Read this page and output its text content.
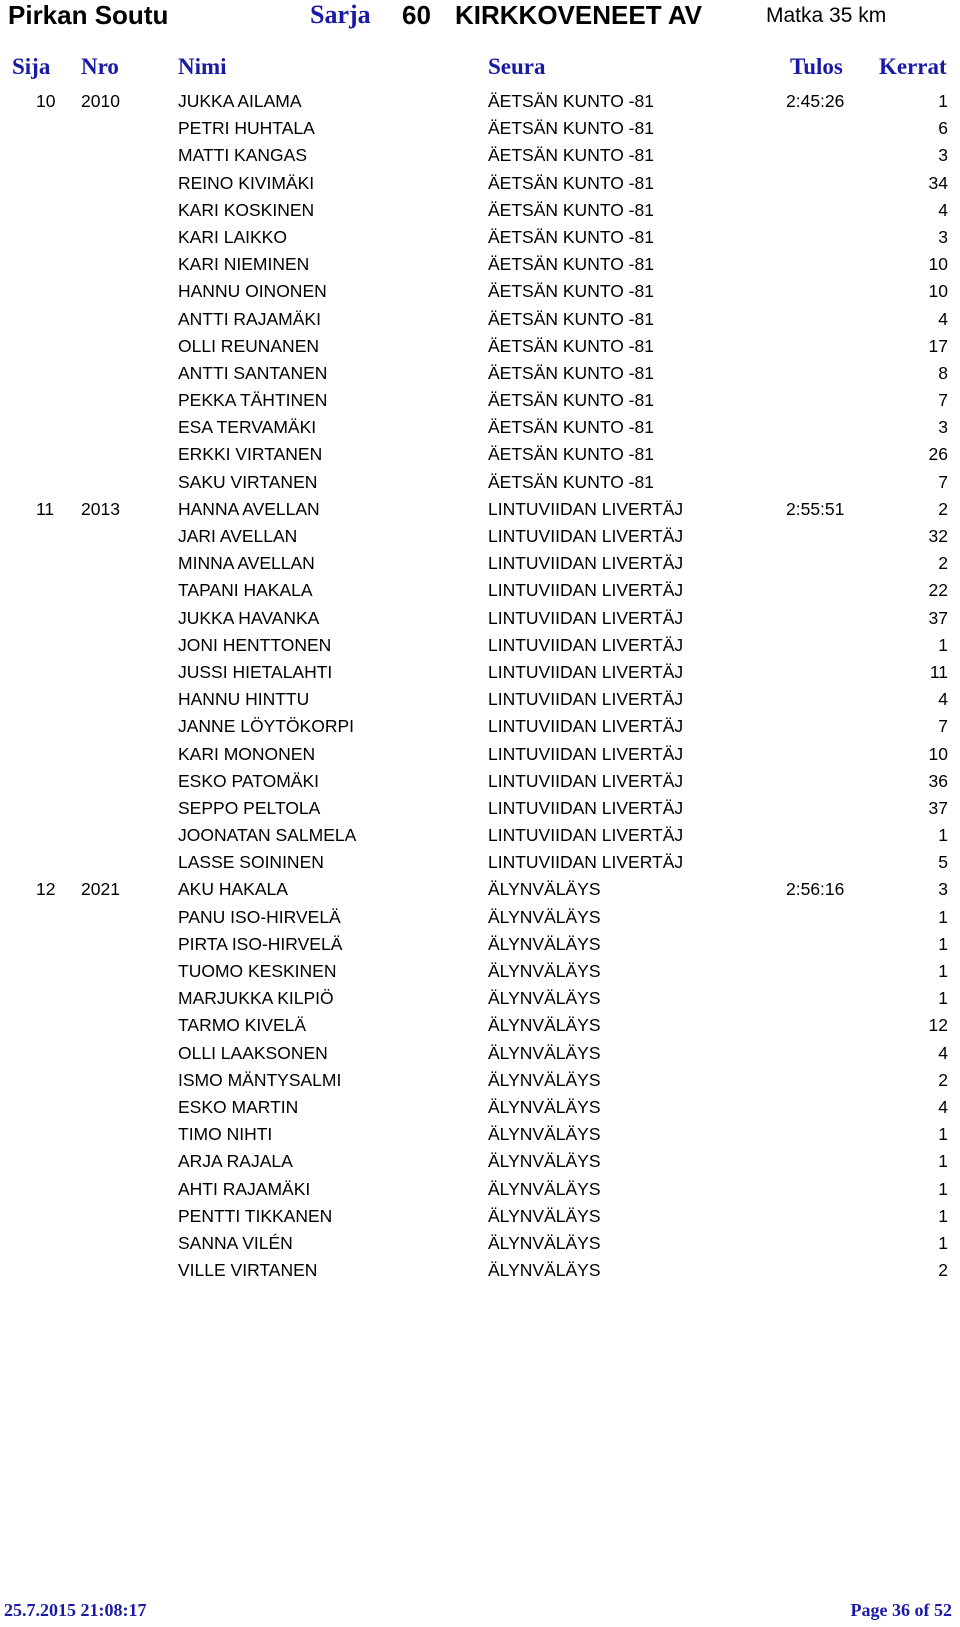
Pirkan Soutu	Sarja 60 KIRKKOVENEET AV	Matka 35 km
Sija Nro	Nimi	Seura	Tulos Kerrat
10 2010	JUKKA AILAMA	ÄETSÄN KUNTO -81	2:45:26	1
PETRI HUHTALA	ÄETSÄN KUNTO -81	6
MATTI KANGAS	ÄETSÄN KUNTO -81	3
REINO KIVIMÄKI	ÄETSÄN KUNTO -81	34
KARI KOSKINEN	ÄETSÄN KUNTO -81	4
KARI LAIKKO	ÄETSÄN KUNTO -81	3
KARI NIEMINEN	ÄETSÄN KUNTO -81	10
HANNU OINONEN	ÄETSÄN KUNTO -81	10
ANTTI RAJAMÄKI	ÄETSÄN KUNTO -81	4
OLLI REUNANEN	ÄETSÄN KUNTO -81	17
ANTTI SANTANEN	ÄETSÄN KUNTO -81	8
PEKKA TÄHTINEN	ÄETSÄN KUNTO -81	7
ESA TERVAMÄKI	ÄETSÄN KUNTO -81	3
ERKKI VIRTANEN	ÄETSÄN KUNTO -81	26
SAKU VIRTANEN	ÄETSÄN KUNTO -81	7
11 2013	HANNA AVELLAN	LINTUVIIDAN LIVERTÄJ	2:55:51	2
JARI AVELLAN	LINTUVIIDAN LIVERTÄJ	32
MINNA AVELLAN	LINTUVIIDAN LIVERTÄJ	2
TAPANI HAKALA	LINTUVIIDAN LIVERTÄJ	22
JUKKA HAVANKA	LINTUVIIDAN LIVERTÄJ	37
JONI HENTTONEN	LINTUVIIDAN LIVERTÄJ	1
JUSSI HIETALAHTI	LINTUVIIDAN LIVERTÄJ	11
HANNU HINTTU	LINTUVIIDAN LIVERTÄJ	4
JANNE LÖYTÖKORPI	LINTUVIIDAN LIVERTÄJ	7
KARI MONONEN	LINTUVIIDAN LIVERTÄJ	10
ESKO PATOMÄKI	LINTUVIIDAN LIVERTÄJ	36
SEPPO PELTOLA	LINTUVIIDAN LIVERTÄJ	37
JOONATAN SALMELA	LINTUVIIDAN LIVERTÄJ	1
LASSE SOININEN	LINTUVIIDAN LIVERTÄJ	5
12 2021	AKU HAKALA	ÄLYNVÄLÄYS	2:56:16	3
PANU ISO-HIRVELÄ	ÄLYNVÄLÄYS	1
PIRTA ISO-HIRVELÄ	ÄLYNVÄLÄYS	1
TUOMO KESKINEN	ÄLYNVÄLÄYS	1
MARJUKKA KILPIÖ	ÄLYNVÄLÄYS	1
TARMO KIVELÄ	ÄLYNVÄLÄYS	12
OLLI LAAKSONEN	ÄLYNVÄLÄYS	4
ISMO MÄNTYSALMI	ÄLYNVÄLÄYS	2
ESKO MARTIN	ÄLYNVÄLÄYS	4
TIMO NIHTI	ÄLYNVÄLÄYS	1
ARJA RAJALA	ÄLYNVÄLÄYS	1
AHTI RAJAMÄKI	ÄLYNVÄLÄYS	1
PENTTI TIKKANEN	ÄLYNVÄLÄYS	1
SANNA VILÉN	ÄLYNVÄLÄYS	1
VILLE VIRTANEN	ÄLYNVÄLÄYS	2
25.7.2015 21:08:17	Page 36 of 52
